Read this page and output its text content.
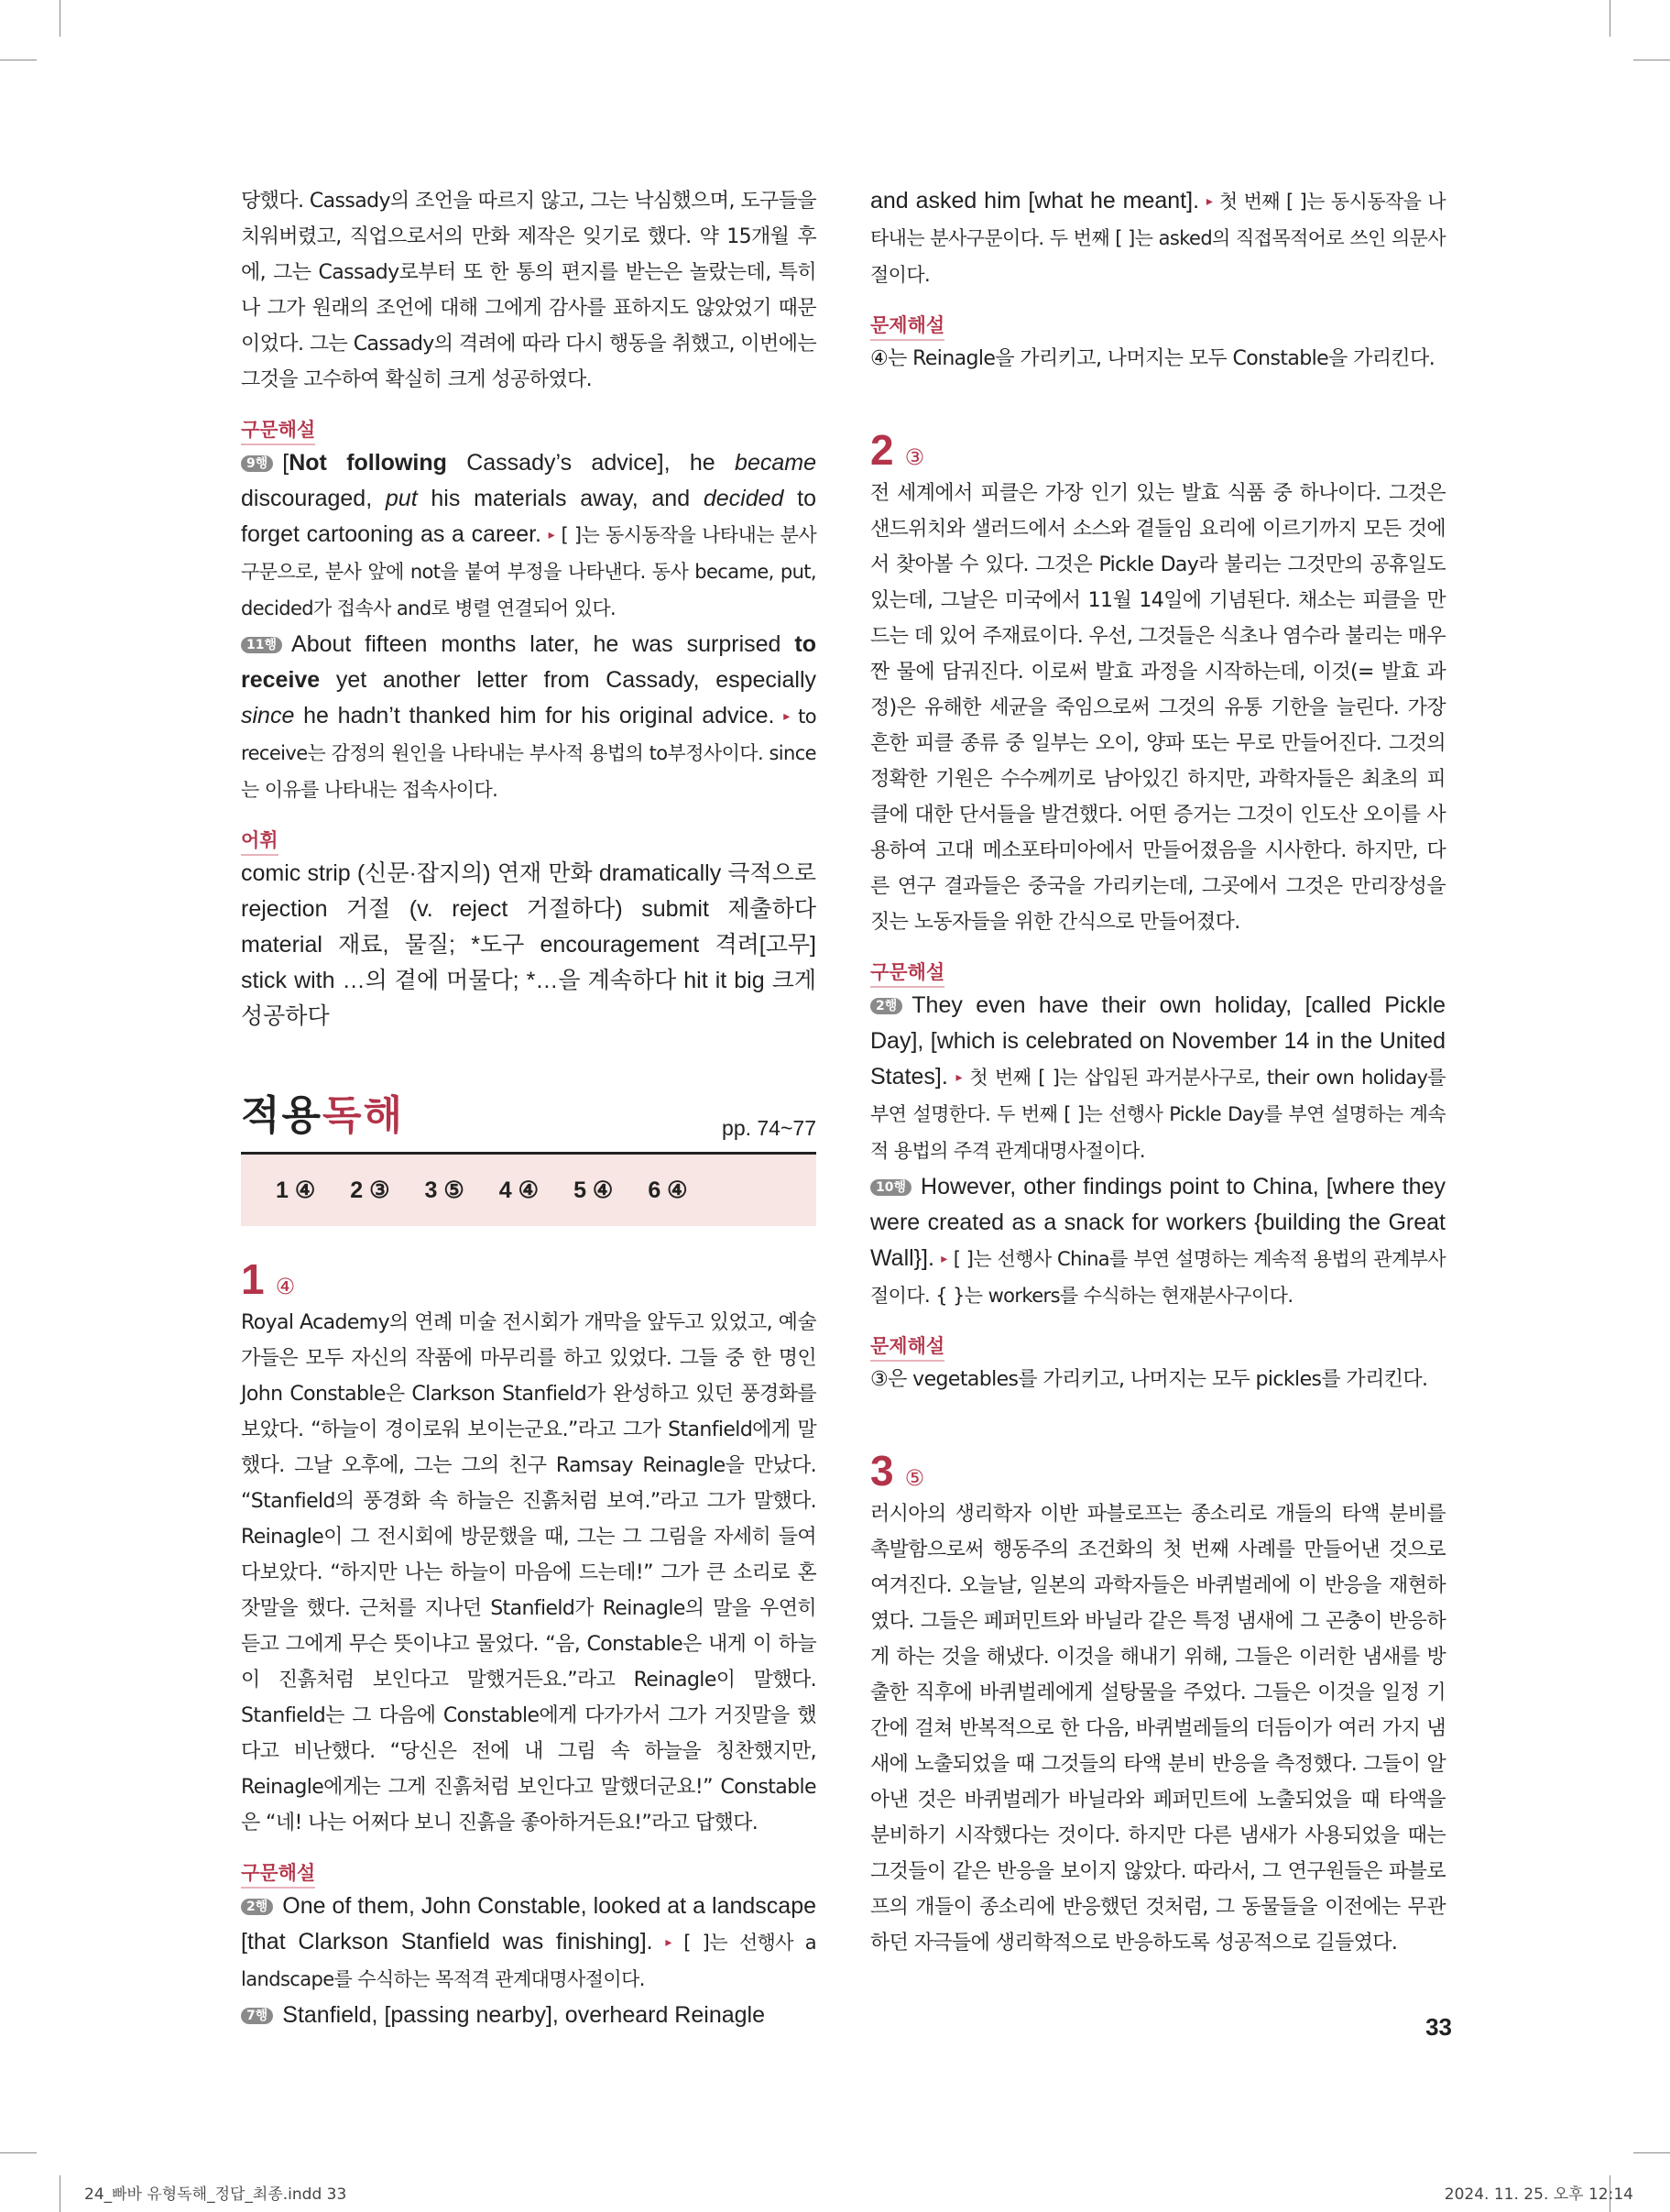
당했다. Cassady의 조언을 따르지 않고, 그는 낙심했으며, 도구들을 치워버렸고, 직업으로서의 만화 제작은 잊기로 했다. 약 15개월 후에, 그는 Cassady로부터 또 한 통의 편지를 받는은 놀랐는데, 특히나 그가 원래의 조언에 대해 그에게 감사를 표하지도 않았었기 때문이었다. 그는 Cassady의 격려에 따라 다시 행동을 취했고, 이번에는 그것을 고수하여 확실히 크게 성공하였다.

구문해설

9행 [Not following Cassady’s advice], he became discouraged, put his materials away, and decided to forget cartooning as a career. ▸ [ ]는 동시동작을 나타내는 분사구문으로, 분사 앞에 not을 붙여 부정을 나타낸다. 동사 became, put, decided가 접속사 and로 병렬 연결되어 있다.

11행 About fifteen months later, he was surprised to receive yet another letter from Cassady, especially since he hadn’t thanked him for his original advice. ▸ to receive는 감정의 원인을 나타내는 부사적 용법의 to부정사이다. since는 이유를 나타내는 접속사이다.

어휘

comic strip (신문·잡지의) 연재 만화 dramatically 극적으로 rejection 거절 (v. reject 거절하다) submit 제출하다 material 재료, 물질; *도구 encouragement 격려[고무] stick with …의 곁에 머물다; *…을 계속하다 hit it big 크게 성공하다

적용독해	pp. 74~77
1 ④ 2 ③ 3 ⑤ 4 ④ 5 ④ 6 ④
1 ④

Royal Academy의 연례 미술 전시회가 개막을 앞두고 있었고, 예술가들은 모두 자신의 작품에 마무리를 하고 있었다. 그들 중 한 명인 John Constable은 Clarkson Stanfield가 완성하고 있던 풍경화를 보았다. “하늘이 경이로워 보이는군요.”라고 그가 Stanfield에게 말했다. 그날 오후에, 그는 그의 친구 Ramsay Reinagle을 만났다. “Stanfield의 풍경화 속 하늘은 진흙처럼 보여.”라고 그가 말했다. Reinagle이 그 전시회에 방문했을 때, 그는 그 그림을 자세히 들여다보았다. “하지만 나는 하늘이 마음에 드는데!” 그가 큰 소리로 혼잣말을 했다. 근처를 지나던 Stanfield가 Reinagle의 말을 우연히 듣고 그에게 무슨 뜻이냐고 물었다. “음, Constable은 내게 이 하늘이 진흙처럼 보인다고 말했거든요.”라고 Reinagle이 말했다. Stanfield는 그 다음에 Constable에게 다가가서 그가 거짓말을 했다고 비난했다. “당신은 전에 내 그림 속 하늘을 칭찬했지만, Reinagle에게는 그게 진흙처럼 보인다고 말했더군요!” Constable은 “네! 나는 어쩌다 보니 진흙을 좋아하거든요!”라고 답했다.

구문해설

2행 One of them, John Constable, looked at a landscape [that Clarkson Stanfield was finishing]. ▸ [ ]는 선행사 a landscape를 수식하는 목적격 관계대명사절이다.

7행 Stanfield, [passing nearby], overheard Reinagle

and asked him [what he meant]. ▸ 첫 번째 [ ]는 동시동작을 나타내는 분사구문이다. 두 번째 [ ]는 asked의 직접목적어로 쓰인 의문사절이다.

문제해설

④는 Reinagle을 가리키고, 나머지는 모두 Constable을 가리킨다.

2 ③

전 세계에서 피클은 가장 인기 있는 발효 식품 중 하나이다. 그것은 샌드위치와 샐러드에서 소스와 곁들임 요리에 이르기까지 모든 것에서 찾아볼 수 있다. 그것은 Pickle Day라 불리는 그것만의 공휴일도 있는데, 그날은 미국에서 11월 14일에 기념된다. 채소는 피클을 만드는 데 있어 주재료이다. 우선, 그것들은 식초나 염수라 불리는 매우 짠 물에 담궈진다. 이로써 발효 과정을 시작하는데, 이것(= 발효 과정)은 유해한 세균을 죽임으로써 그것의 유통 기한을 늘린다. 가장 흔한 피클 종류 중 일부는 오이, 양파 또는 무로 만들어진다. 그것의 정확한 기원은 수수께끼로 남아있긴 하지만, 과학자들은 최초의 피클에 대한 단서들을 발견했다. 어떤 증거는 그것이 인도산 오이를 사용하여 고대 메소포타미아에서 만들어졌음을 시사한다. 하지만, 다른 연구 결과들은 중국을 가리키는데, 그곳에서 그것은 만리장성을 짓는 노동자들을 위한 간식으로 만들어졌다.

구문해설

2행 They even have their own holiday, [called Pickle Day], [which is celebrated on November 14 in the United States]. ▸ 첫 번째 [ ]는 삽입된 과거분사구로, their own holiday를 부연 설명한다. 두 번째 [ ]는 선행사 Pickle Day를 부연 설명하는 계속적 용법의 주격 관계대명사절이다.

10행 However, other findings point to China, [where they were created as a snack for workers {building the Great Wall}]. ▸ [ ]는 선행사 China를 부연 설명하는 계속적 용법의 관계부사절이다. { }는 workers를 수식하는 현재분사구이다.

문제해설

③은 vegetables를 가리키고, 나머지는 모두 pickles를 가리킨다.

3 ⑤

러시아의 생리학자 이반 파블로프는 종소리로 개들의 타액 분비를 촉발함으로써 행동주의 조건화의 첫 번째 사례를 만들어낸 것으로 여겨진다. 오늘날, 일본의 과학자들은 바퀴벌레에 이 반응을 재현하였다. 그들은 페퍼민트와 바닐라 같은 특정 냄새에 그 곤충이 반응하게 하는 것을 해냈다. 이것을 해내기 위해, 그들은 이러한 냄새를 방출한 직후에 바퀴벌레에게 설탕물을 주었다. 그들은 이것을 일정 기간에 걸쳐 반복적으로 한 다음, 바퀴벌레들의 더듬이가 여러 가지 냄새에 노출되었을 때 그것들의 타액 분비 반응을 측정했다. 그들이 알아낸 것은 바퀴벌레가 바닐라와 페퍼민트에 노출되었을 때 타액을 분비하기 시작했다는 것이다. 하지만 다른 냄새가 사용되었을 때는 그것들이 같은 반응을 보이지 않았다. 따라서, 그 연구원들은 파블로프의 개들이 종소리에 반응했던 것처럼, 그 동물들을 이전에는 무관하던 자극들에 생리학적으로 반응하도록 성공적으로 길들였다.

33
24_빠바 유형독해_정답_최종.indd 33	2024. 11. 25. 오후 12:14
